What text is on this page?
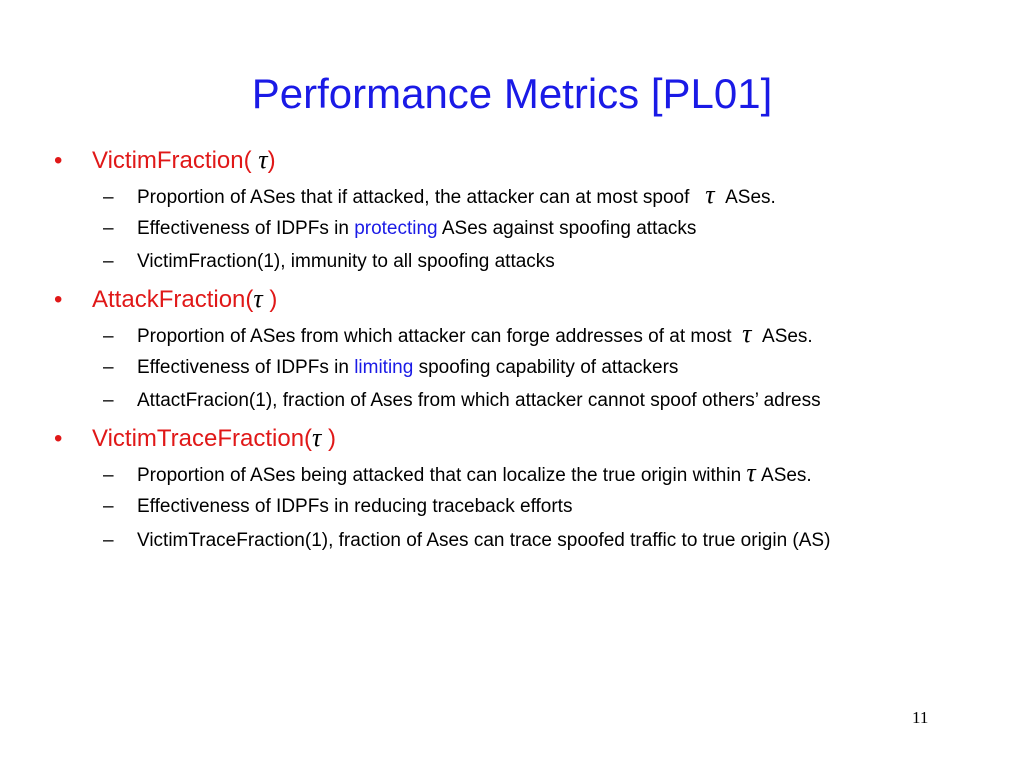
Performance Metrics [PL01]
• VictimFraction( τ)
– Proportion of ASes that if attacked, the attacker can at most spoof τ ASes.
– Effectiveness of IDPFs in protecting ASes against spoofing attacks
– VictimFraction(1), immunity to all spoofing attacks
• AttackFraction(τ )
– Proportion of ASes from which attacker can forge addresses of at most τ ASes.
– Effectiveness of IDPFs in limiting spoofing capability of attackers
– AttactFracion(1), fraction of Ases from which attacker cannot spoof others’ adress
• VictimTraceFraction(τ )
– Proportion of ASes being attacked that can localize the true origin within τ ASes.
– Effectiveness of IDPFs in reducing traceback efforts
– VictimTraceFraction(1), fraction of Ases can trace spoofed traffic to true origin (AS)
11
